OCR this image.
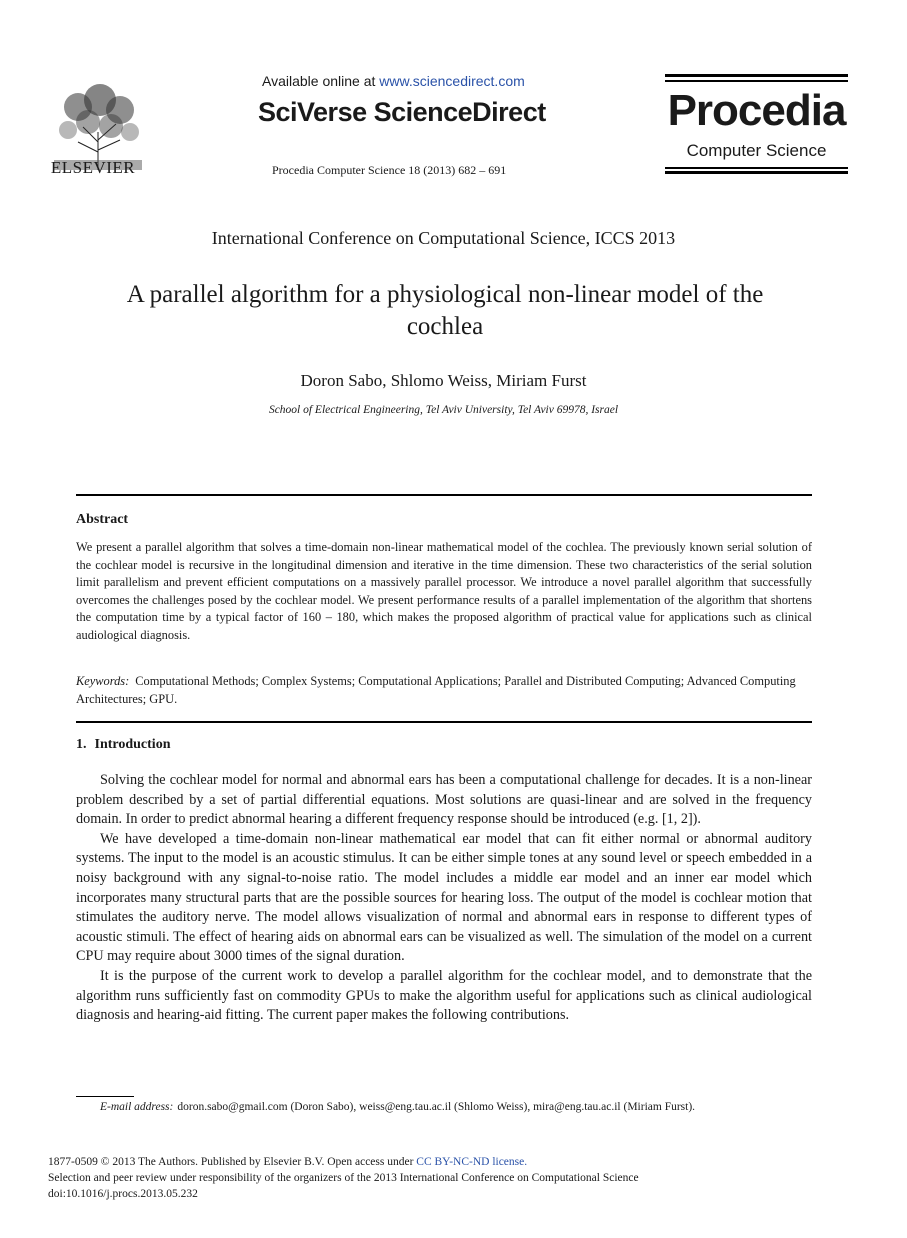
ELSEVIER
Available online at www.sciencedirect.com
SciVerse ScienceDirect
Procedia Computer Science 18 (2013) 682 – 691
Procedia
Computer Science
International Conference on Computational Science, ICCS 2013
A parallel algorithm for a physiological non-linear model of the
cochlea
Doron Sabo, Shlomo Weiss, Miriam Furst
School of Electrical Engineering, Tel Aviv University, Tel Aviv 69978, Israel
Abstract
We present a parallel algorithm that solves a time-domain non-linear mathematical model of the cochlea. The previously known serial solution of the cochlear model is recursive in the longitudinal dimension and iterative in the time dimension. These two characteristics of the serial solution limit parallelism and prevent efficient computations on a massively parallel processor. We introduce a novel parallel algorithm that successfully overcomes the challenges posed by the cochlear model. We present performance results of a parallel implementation of the algorithm that shortens the computation time by a typical factor of 160 – 180, which makes the proposed algorithm of practical value for applications such as clinical audiological diagnosis.
Keywords: Computational Methods; Complex Systems; Computational Applications; Parallel and Distributed Computing; Advanced Computing Architectures; GPU.
1. Introduction

Solving the cochlear model for normal and abnormal ears has been a computational challenge for decades. It is a non-linear problem described by a set of partial differential equations. Most solutions are quasi-linear and are solved in the frequency domain. In order to predict abnormal hearing a different frequency response should be introduced (e.g. [1, 2]).

We have developed a time-domain non-linear mathematical ear model that can fit either normal or abnormal auditory systems. The input to the model is an acoustic stimulus. It can be either simple tones at any sound level or speech embedded in a noisy background with any signal-to-noise ratio. The model includes a middle ear model and an inner ear model which incorporates many structural parts that are the possible sources for hearing loss. The output of the model is cochlear motion that stimulates the auditory nerve. The model allows visualization of normal and abnormal ears in response to different types of acoustic stimuli. The effect of hearing aids on abnormal ears can be visualized as well. The simulation of the model on a current CPU may require about 3000 times of the signal duration.

It is the purpose of the current work to develop a parallel algorithm for the cochlear model, and to demonstrate that the algorithm runs sufficiently fast on commodity GPUs to make the algorithm useful for applications such as clinical audiological diagnosis and hearing-aid fitting. The current paper makes the following contributions.

E-mail address: doron.sabo@gmail.com (Doron Sabo), weiss@eng.tau.ac.il (Shlomo Weiss), mira@eng.tau.ac.il (Miriam Furst).
1877-0509 © 2013 The Authors. Published by Elsevier B.V. Open access under CC BY-NC-ND license.
Selection and peer review under responsibility of the organizers of the 2013 International Conference on Computational Science
doi:10.1016/j.procs.2013.05.232
